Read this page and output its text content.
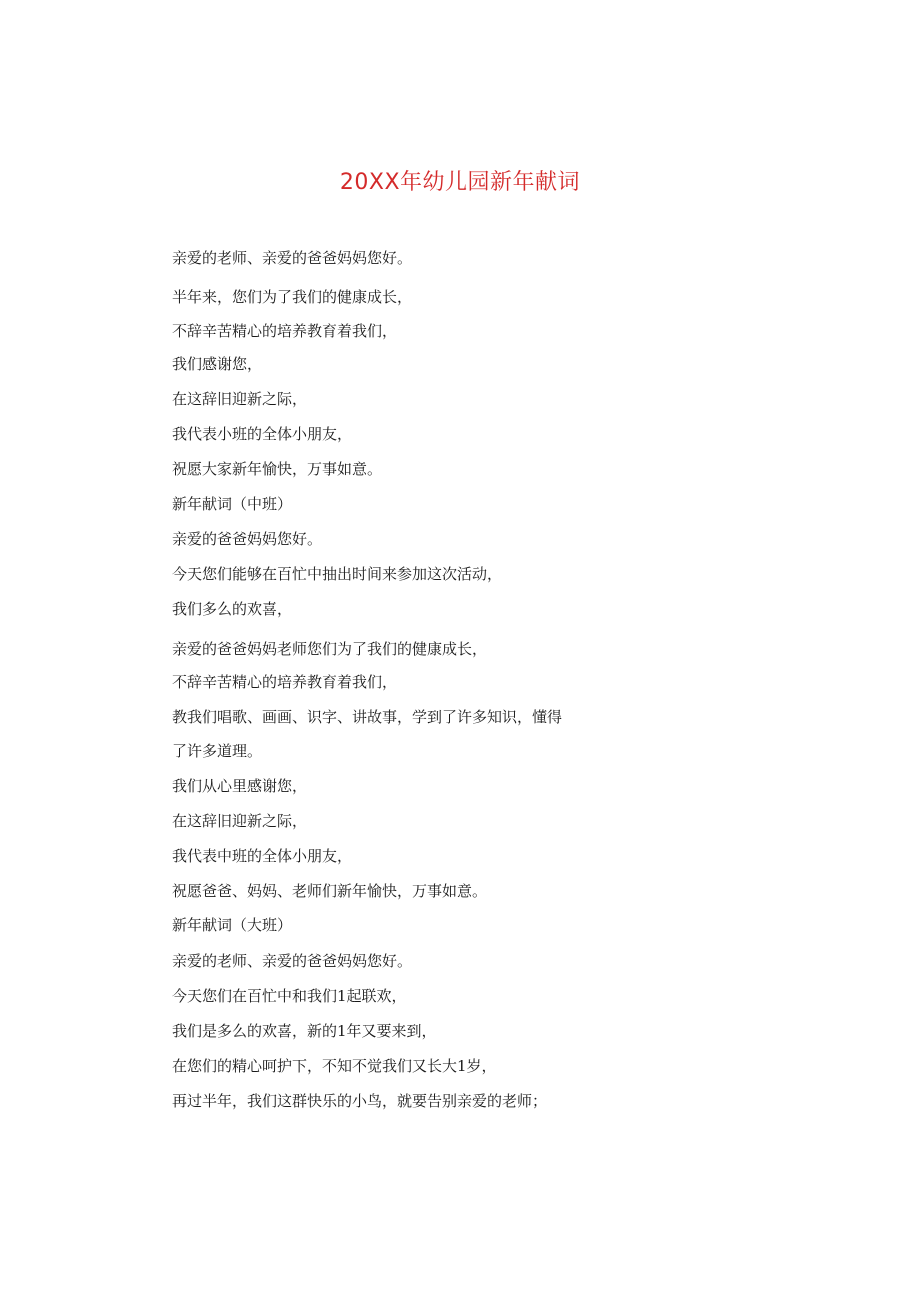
20XX年幼儿园新年献词

亲爱的老师、亲爱的爸爸妈妈您好。

半年来，您们为了我们的健康成长，

不辞辛苦精心的培养教育着我们，

我们感谢您，

在这辞旧迎新之际，

我代表小班的全体小朋友，

祝愿大家新年愉快，万事如意。

新年献词（中班）

亲爱的爸爸妈妈您好。

今天您们能够在百忙中抽出时间来参加这次活动，

我们多么的欢喜，

亲爱的爸爸妈妈老师您们为了我们的健康成长，

不辞辛苦精心的培养教育着我们，

教我们唱歌、画画、识字、讲故事，学到了许多知识，懂得

了许多道理。

我们从心里感谢您，

在这辞旧迎新之际，

我代表中班的全体小朋友，

祝愿爸爸、妈妈、老师们新年愉快，万事如意。

新年献词（大班）

亲爱的老师、亲爱的爸爸妈妈您好。

今天您们在百忙中和我们1起联欢，

我们是多么的欢喜，新的1年又要来到，

在您们的精心呵护下，不知不觉我们又长大1岁，

再过半年，我们这群快乐的小鸟，就要告别亲爱的老师；
